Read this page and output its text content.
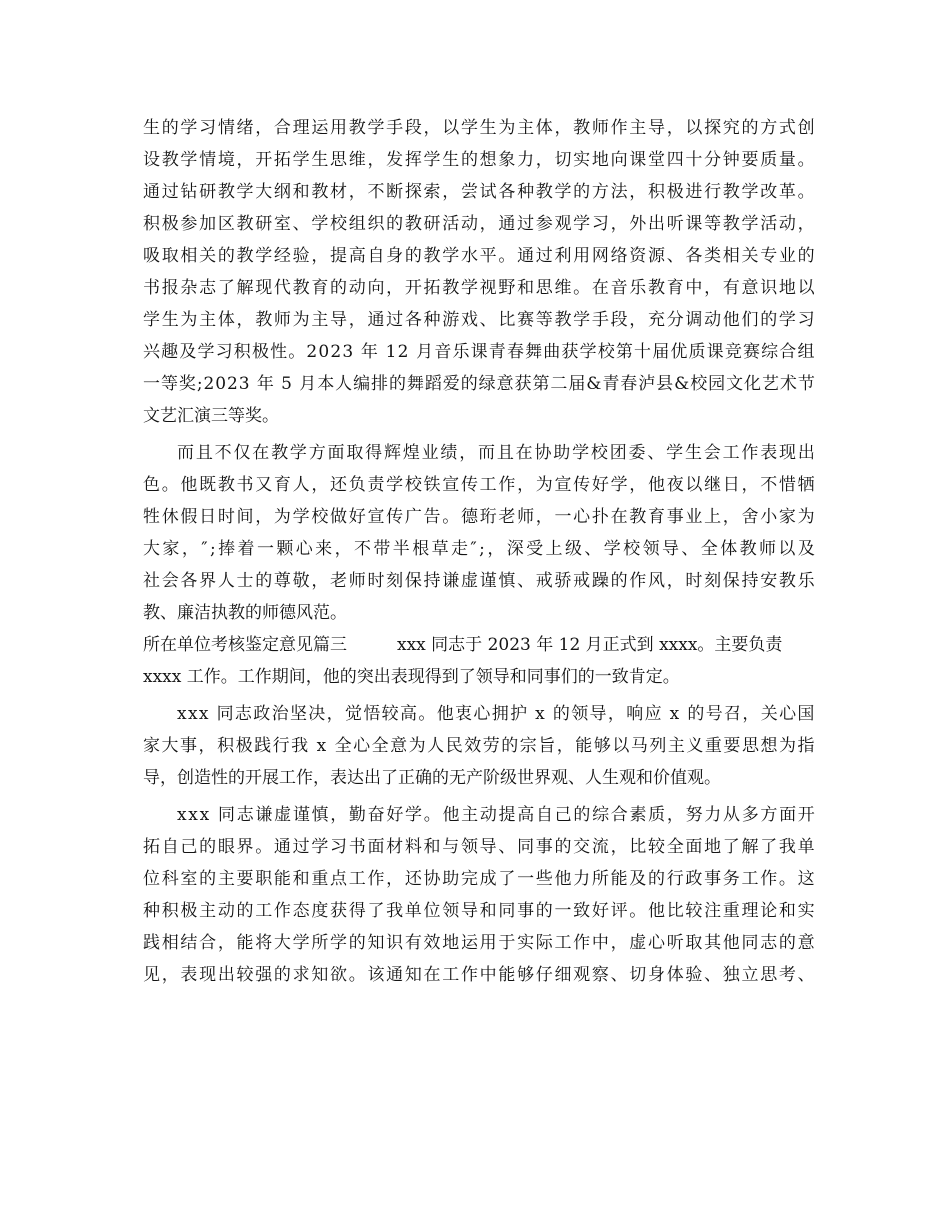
生 的 学 习 情 绪 ， 合 理 运 用 教 学 手 段 ， 以 学 生 为 主 体 ， 教 师 作 主 导 ， 以 探 究 的 方 式 创
设 教 学 情 境 ， 开 拓 学 生 思 维 ， 发 挥 学 生 的 想 象 力 ， 切 实 地 向 课 堂 四 十 分 钟 要 质 量 。
通 过 钻 研 教 学 大 纲 和 教 材 ， 不 断 探 索 ， 尝 试 各 种 教 学 的 方 法 ， 积 极 进 行 教 学 改 革 。
积 极 参 加 区 教 研 室 、 学 校 组 织 的 教 研 活 动 ， 通 过 参 观 学 习 ， 外 出 听 课 等 教 学 活 动 ，
吸 取 相 关 的 教 学 经 验 ， 提 高 自 身 的 教 学 水 平 。 通 过 利 用 网 络 资 源 、 各 类 相 关 专 业 的
书 报 杂 志 了 解 现 代 教 育 的 动 向 ， 开 拓 教 学 视 野 和 思 维 。 在 音 乐 教 育 中 ， 有 意 识 地 以
学 生 为 主 体 ， 教 师 为 主 导 ， 通 过 各 种 游 戏 、 比 赛 等 教 学 手 段 ， 充 分 调 动 他 们 的 学 习
兴 趣 及 学 习 积 极 性 。 2 0 2 3
年
1 2
月 音 乐 课 青 春 舞 曲 获 学 校 第 十 届 优 质 课 竞 赛 综 合 组
一 等 奖 ; 2 0 2 3
年
5
月 本 人 编 排 的 舞 蹈 爱 的 绿 意 获 第 二 届 & 青 春 泸 县 & 校 园 文 化 艺 术 节
文艺汇演三等奖。
而 且 不 仅 在 教 学 方 面 取 得 辉 煌 业 绩 ， 而 且 在 协 助 学 校 团 委 、 学 生 会 工 作 表 现 出
色 。 他 既 教 书 又 育 人 ， 还 负 责 学 校 铁 宣 传 工 作 ， 为 宣 传 好 学 ， 他 夜 以 继 日 ， 不 惜 牺
牲 休 假 日 时 间 ， 为 学 校 做 好 宣 传 广 告 。 德 珩 老 师 ， 一 心 扑 在 教 育 事 业 上 ， 舍 小 家 为
大 家 ， ″ ; 捧 着 一 颗 心 来 ， 不 带 半 根 草 走 ″ ; ， 深 受 上 级 、 学 校 领 导 、 全 体 教 师 以 及
社 会 各 界 人 士 的 尊 敬 ， 老 师 时 刻 保 持 谦 虚 谨 慎 、 戒 骄 戒 躁 的 作 风 ， 时 刻 保 持 安 教 乐
教、廉洁执教的师德风范。
所在单位考核鉴定意见篇三	xxx 同志于 2023 年 12 月正式到 xxxx。主要负责
xxxx 工作。工作期间，他的突出表现得到了领导和同事们的一致肯定。
x x x
同 志 政 治 坚 决 ， 觉 悟 较 高 。 他 衷 心 拥 护
x
的 领 导 ， 响 应
x
的 号 召 ， 关 心 国
家 大 事 ， 积 极 践 行 我
x
全 心 全 意 为 人 民 效 劳 的 宗 旨 ， 能 够 以 马 列 主 义 重 要 思 想 为 指
导，创造性的开展工作，表达出了正确的无产阶级世界观、人生观和价值观。
x x x
同 志 谦 虚 谨 慎 ， 勤 奋 好 学 。 他 主 动 提 高 自 己 的 综 合 素 质 ， 努 力 从 多 方 面 开
拓 自 己 的 眼 界 。 通 过 学 习 书 面 材 料 和 与 领 导 、 同 事 的 交 流 ， 比 较 全 面 地 了 解 了 我 单
位 科 室 的 主 要 职 能 和 重 点 工 作 ， 还 协 助 完 成 了 一 些 他 力 所 能 及 的 行 政 事 务 工 作 。 这
种 积 极 主 动 的 工 作 态 度 获 得 了 我 单 位 领 导 和 同 事 的 一 致 好 评 。 他 比 较 注 重 理 论 和 实
践 相 结 合 ， 能 将 大 学 所 学 的 知 识 有 效 地 运 用 于 实 际 工 作 中 ， 虚 心 听 取 其 他 同 志 的 意
见 ， 表 现 出 较 强 的 求 知 欲 。 该 通 知 在 工 作 中 能 够 仔 细 观 察 、 切 身 体 验 、 独 立 思 考 、
